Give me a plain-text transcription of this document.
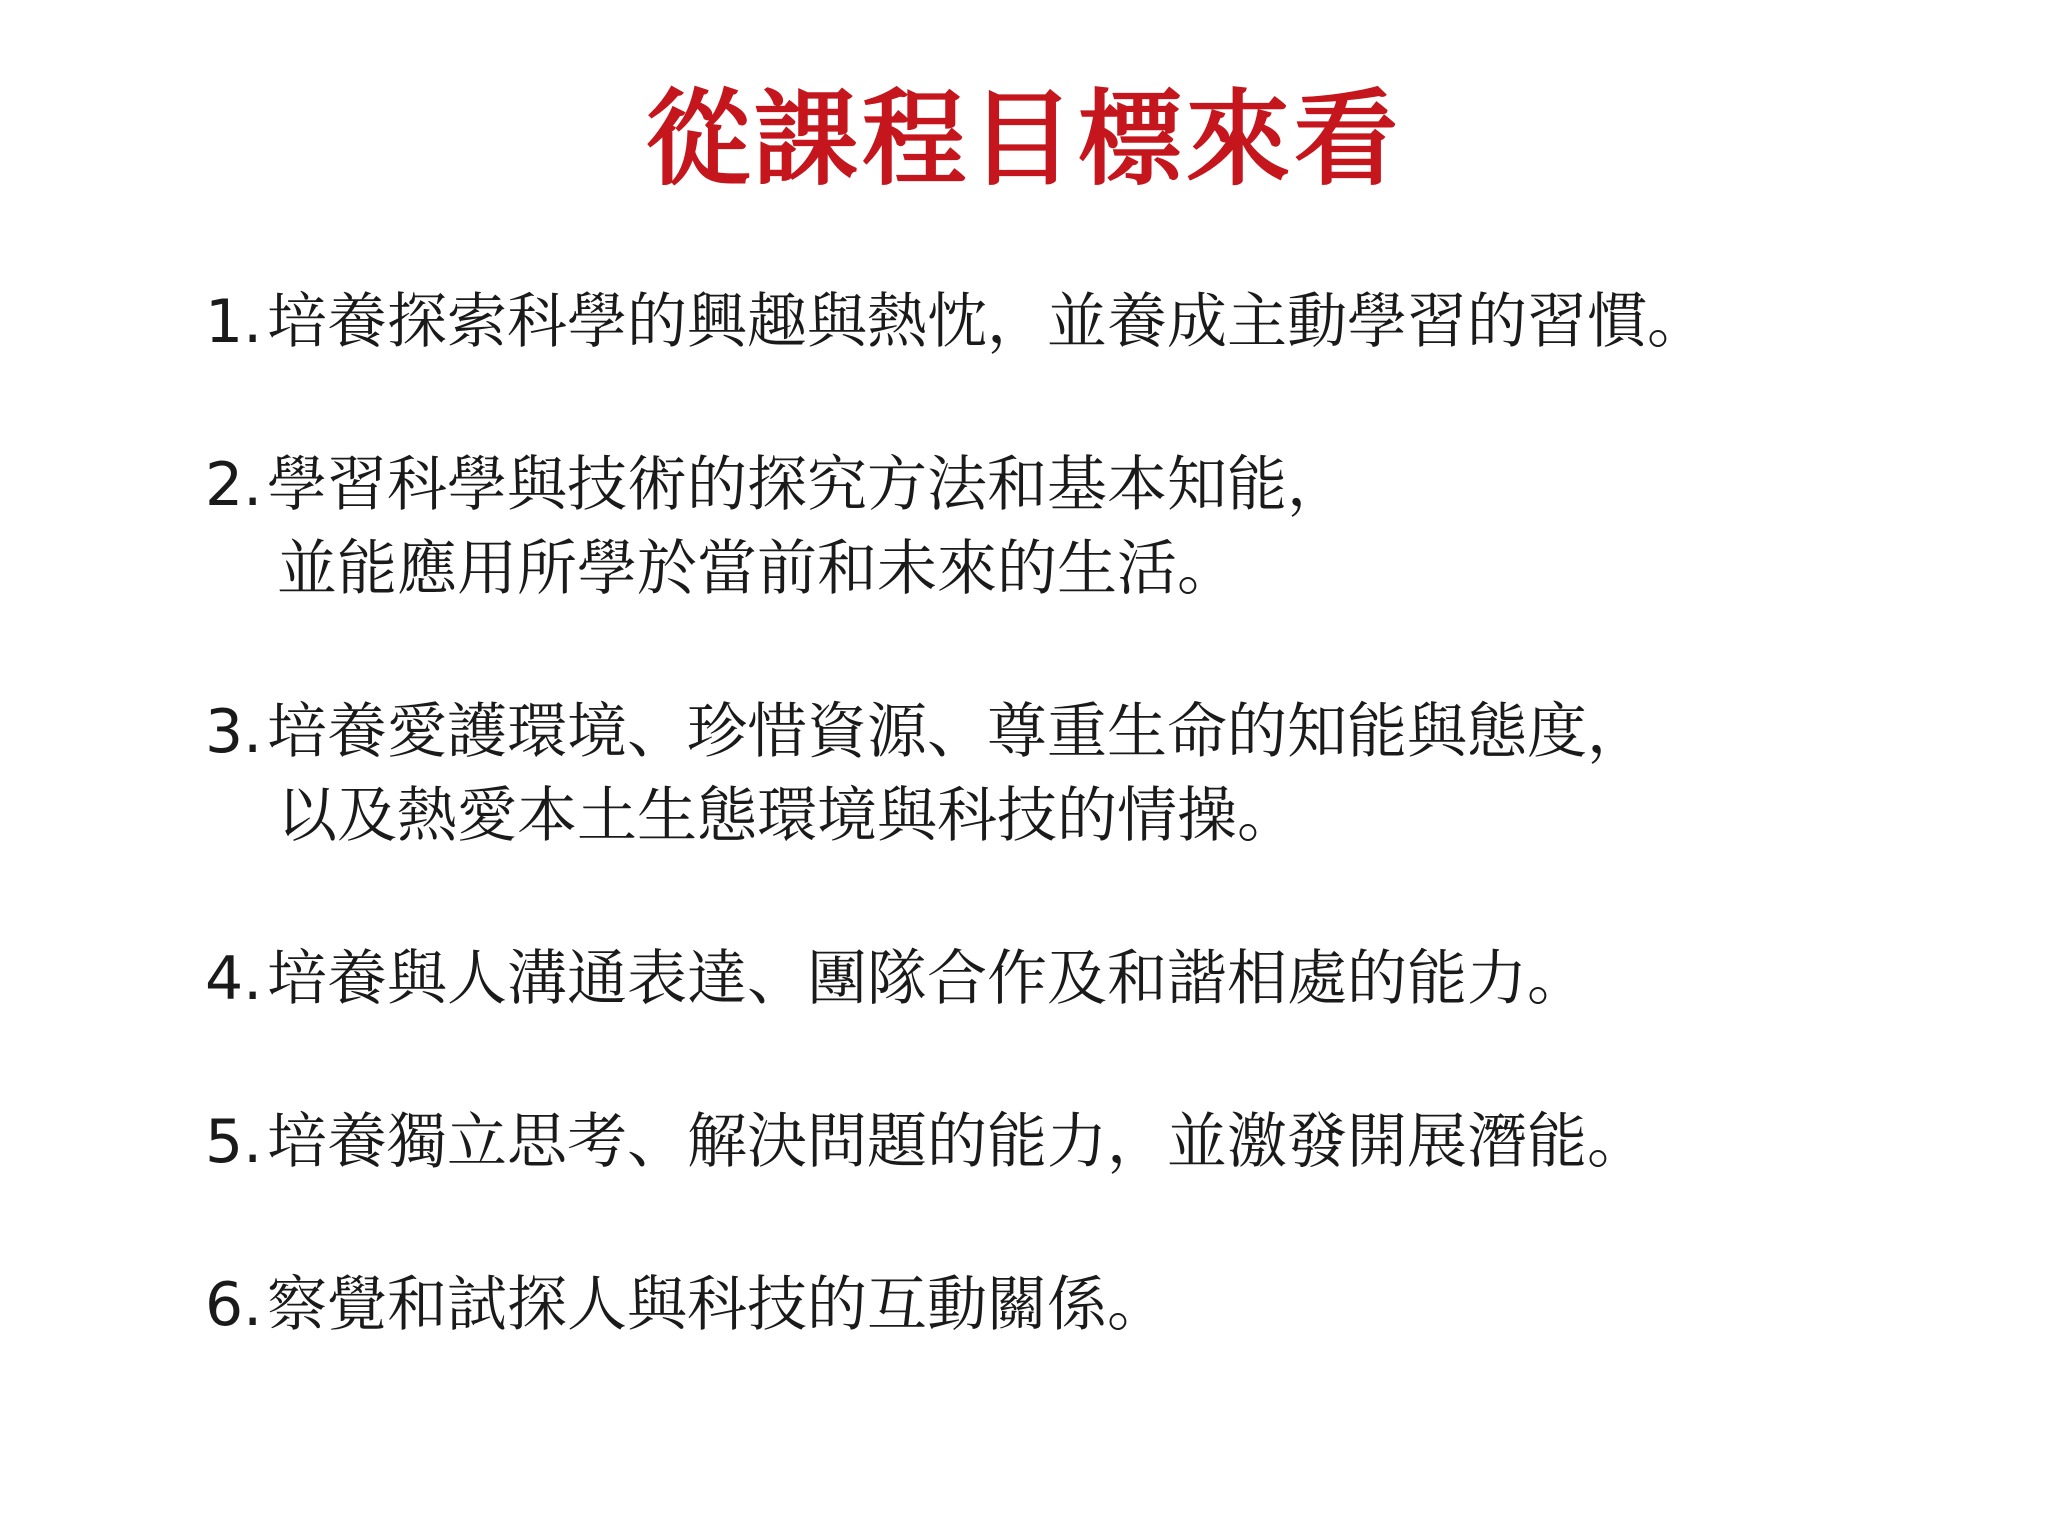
從課程目標來看
1. 培養探索科學的興趣與熱忱，並養成主動學習的習慣。
2. 學習科學與技術的探究方法和基本知能，
並能應用所學於當前和未來的生活。
3. 培養愛護環境、珍惜資源、尊重生命的知能與態度，
以及熱愛本土生態環境與科技的情操。
4. 培養與人溝通表達、團隊合作及和諧相處的能力。
5. 培養獨立思考、解決問題的能力，並激發開展潛能。
6. 察覺和試探人與科技的互動關係。
